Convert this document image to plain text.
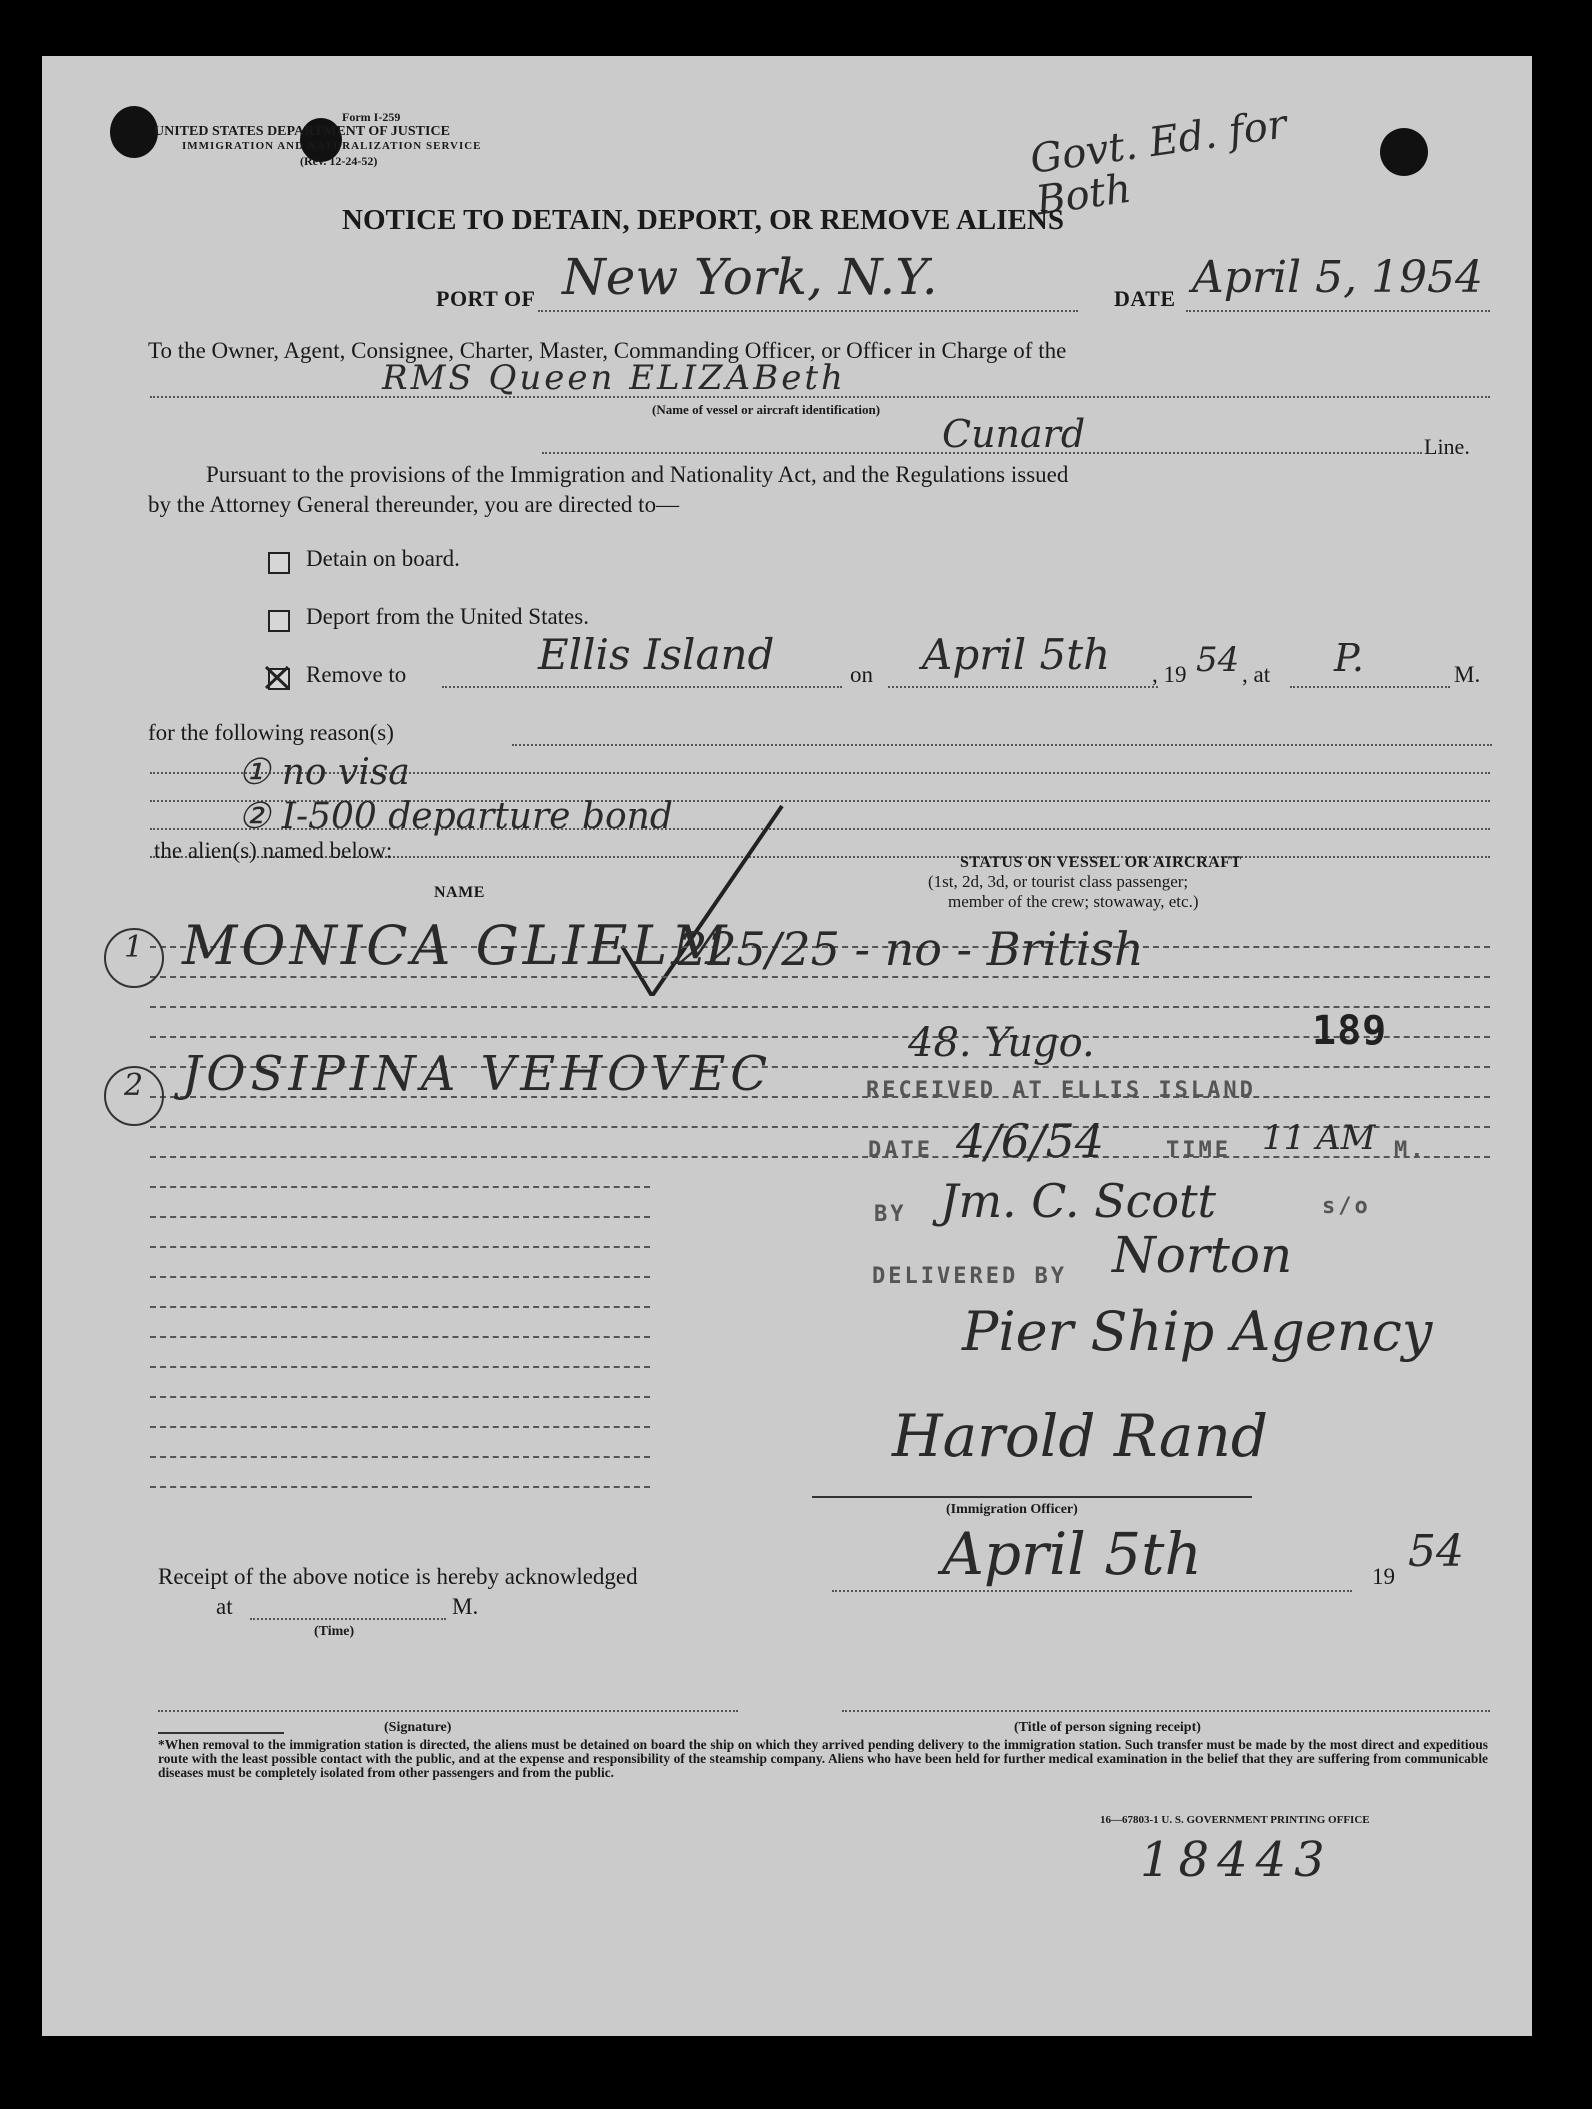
Form I-259
UNITED STATES DEPARTMENT OF JUSTICE
IMMIGRATION AND NATURALIZATION SERVICE
(Rev. 12-24-52)	Govt. Ed. for Both
NOTICE TO DETAIN, DEPORT, OR REMOVE ALIENS
PORT OF New York, N.Y.	DATE April 5, 1954
To the Owner, Agent, Consignee, Charter, Master, Commanding Officer, or Officer in Charge of the
RMS Queen ELIZABeth
(Name of vessel or aircraft identification)
Cunard	Line.
Pursuant to the provisions of the Immigration and Nationality Act, and the Regulations issued
by the Attorney General thereunder, you are directed to—
Detain on board.
Deport from the United States.
Remove to	Ellis Island	on April 5th , 19 54 , at P.	M.
for the following reason(s)
① no visa
② I-500 departure bond
the alien(s) named below:
NAME
STATUS ON VESSEL OR AIRCRAFT
(1st, 2d, 3d, or tourist class passenger;
member of the crew; stowaway, etc.)
1 MONICA GLIELM
225/25 - no - British
2 JOSIPINA VEHOVEC
48. Yugo.	189
RECEIVED AT ELLIS ISLAND
DATE 4/6/54	TIME 11 AM M.
BY Jm. C. Scott	s/o
DELIVERED BY Norton
Pier Ship Agency
Harold Rand
(Immigration Officer)
Receipt of the above notice is hereby acknowledged	April 5th	19 54
at	M.
(Time)
(Signature)	(Title of person signing receipt)
*When removal to the immigration station is directed, the aliens must be detained on board the ship on which they arrived pending delivery to the immigration station. Such transfer must be made by the most direct and expeditious route with the least possible contact with the public, and at the expense and responsibility of the steamship company. Aliens who have been held for further medical examination in the belief that they are suffering from communicable diseases must be completely isolated from other passengers and from the public.
16—67803-1 U. S. GOVERNMENT PRINTING OFFICE
18443
